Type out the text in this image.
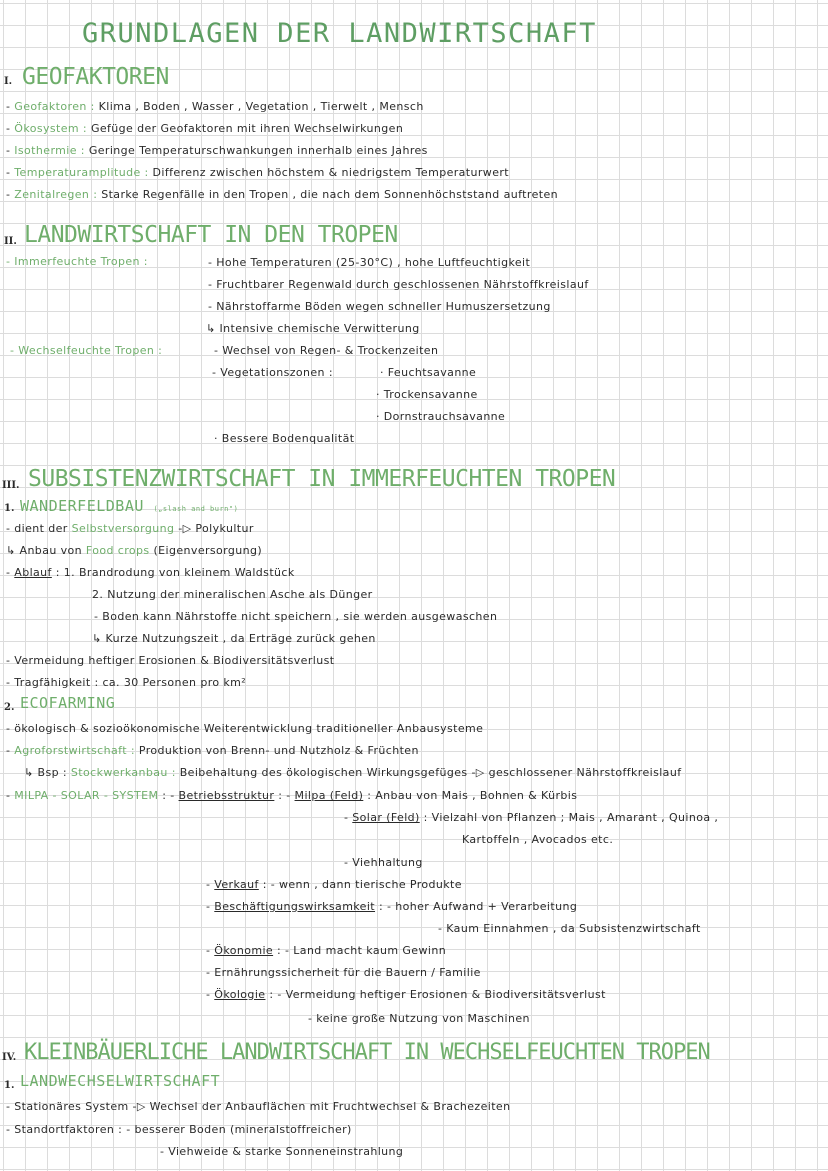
GRUNDLAGEN DER LANDWIRTSCHAFT
I. GEOFAKTOREN
- Geofaktoren : Klima , Boden , Wasser , Vegetation , Tierwelt , Mensch
- Ökosystem : Gefüge der Geofaktoren mit ihren Wechselwirkungen
- Isothermie : Geringe Temperaturschwankungen innerhalb eines Jahres
- Temperaturamplitude : Differenz zwischen höchstem & niedrigstem Temperaturwert
- Zenitalregen : Starke Regenfälle in den Tropen , die nach dem Sonnenhöchststand auftreten
II. LANDWIRTSCHAFT IN DEN TROPEN
- Immerfeuchte Tropen :	- Hohe Temperaturen (25-30°C) , hohe Luftfeuchtigkeit
- Fruchtbarer Regenwald durch geschlossenen Nährstoffkreislauf
- Nährstoffarme Böden wegen schneller Humuszersetzung
↳ Intensive chemische Verwitterung
- Wechselfeuchte Tropen :	- Wechsel von Regen- & Trockenzeiten
- Vegetationszonen :	· Feuchtsavanne
· Trockensavanne
· Dornstrauchsavanne
· Bessere Bodenqualität
III. SUBSISTENZWIRTSCHAFT IN IMMERFEUCHTEN TROPEN
1. WANDERFELDBAU („slash and burn")
- dient der Selbstversorgung -▷ Polykultur
↳ Anbau von Food crops (Eigenversorgung)
- Ablauf : 1. Brandrodung von kleinem Waldstück
2. Nutzung der mineralischen Asche als Dünger
- Boden kann Nährstoffe nicht speichern , sie werden ausgewaschen
↳ Kurze Nutzungszeit , da Erträge zurück gehen
- Vermeidung heftiger Erosionen & Biodiversitätsverlust
- Tragfähigkeit : ca. 30 Personen pro km²
2. ECOFARMING
- ökologisch & sozioökonomische Weiterentwicklung traditioneller Anbausysteme
- Agroforstwirtschaft : Produktion von Brenn- und Nutzholz & Früchten
↳ Bsp : Stockwerkanbau : Beibehaltung des ökologischen Wirkungsgefüges -▷ geschlossener Nährstoffkreislauf
- MILPA - SOLAR - SYSTEM : - Betriebsstruktur : - Milpa (Feld) : Anbau von Mais , Bohnen & Kürbis
- Solar (Feld) : Vielzahl von Pflanzen ; Mais , Amarant , Quinoa ,
Kartoffeln , Avocados etc.
- Viehhaltung
- Verkauf : - wenn , dann tierische Produkte
- Beschäftigungswirksamkeit : - hoher Aufwand + Verarbeitung
- Kaum Einnahmen , da Subsistenzwirtschaft
- Ökonomie : - Land macht kaum Gewinn
- Ernährungssicherheit für die Bauern / Familie
- Ökologie : - Vermeidung heftiger Erosionen & Biodiversitätsverlust
- keine große Nutzung von Maschinen
IV. KLEINBÄUERLICHE LANDWIRTSCHAFT IN WECHSELFEUCHTEN TROPEN
1. LANDWECHSELWIRTSCHAFT
- Stationäres System -▷ Wechsel der Anbauflächen mit Fruchtwechsel & Brachezeiten
- Standortfaktoren : - besserer Boden (mineralstoffreicher)
- Viehweide & starke Sonneneinstrahlung
